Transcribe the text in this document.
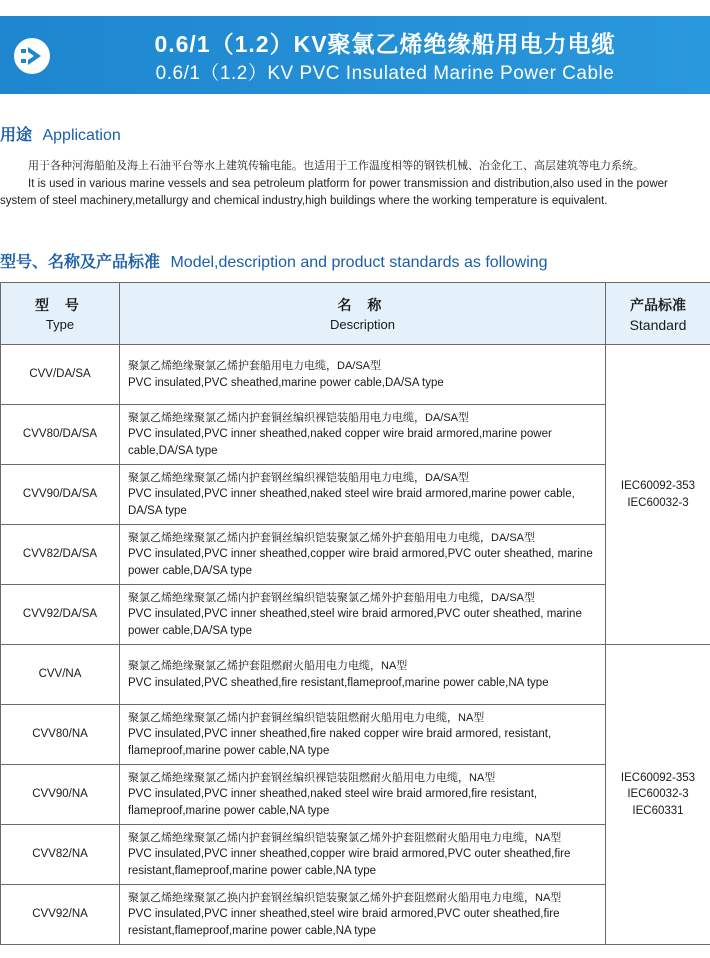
0.6/1（1.2）KV聚氯乙烯绝缘船用电力电缆
0.6/1（1.2）KV PVC Insulated Marine Power Cable
用途 Application
用于各种河海船舶及海上石油平台等水上建筑传输电能。也适用于工作温度相等的钢铁机械、冶金化工、高层建筑等电力系统。
It is used in various marine vessels and sea petroleum platform for power transmission and distribution,also used in the power system of steel machinery,metallurgy and chemical industry,high buildings where the working temperature is equivalent.
型号、名称及产品标准 Model,description and product standards as following
型 号
Type	名 称
Description	产品标准
Standard

CVV/DA/SA	聚氯乙烯绝缘聚氯乙烯护套船用电力电缆，DA/SA型
PVC insulated,PVC sheathed,marine power cable,DA/SA type	IEC60092-353
IEC60032-3

CVV80/DA/SA	聚氯乙烯绝缘聚氯乙烯内护套铜丝编织裸铠装船用电力电缆，DA/SA型
PVC insulated,PVC inner sheathed,naked copper wire braid armored,marine power cable,DA/SA type	

CVV90/DA/SA	聚氯乙烯绝缘聚氯乙烯内护套钢丝编织裸铠装船用电力电缆，DA/SA型
PVC insulated,PVC inner sheathed,naked steel wire braid armored,marine power cable, DA/SA type	

CVV82/DA/SA	聚氯乙烯绝缘聚氯乙烯内护套铜丝编织铠装聚氯乙烯外护套船用电力电缆，DA/SA型
PVC insulated,PVC inner sheathed,copper wire braid armored,PVC outer sheathed, marine power cable,DA/SA type	

CVV92/DA/SA	聚氯乙烯绝缘聚氯乙烯内护套钢丝编织铠装聚氯乙烯外护套船用电力电缆，DA/SA型
PVC insulated,PVC inner sheathed,steel wire braid armored,PVC outer sheathed, marine power cable,DA/SA type	

CVV/NA	聚氯乙烯绝缘聚氯乙烯护套阻燃耐火船用电力电缆，NA型
PVC insulated,PVC sheathed,fire resistant,flameproof,marine power cable,NA type	IEC60092-353
IEC60032-3
IEC60331

CVV80/NA	聚氯乙烯绝缘聚氯乙烯内护套铜丝编织铠装阻燃耐火船用电力电缆，NA型
PVC insulated,PVC inner sheathed,fire naked copper wire braid armored, resistant, flameproof,marine power cable,NA type	

CVV90/NA	聚氯乙烯绝缘聚氯乙烯内护套钢丝编织裸铠装阻燃耐火船用电力电缆，NA型
PVC insulated,PVC inner sheathed,naked steel wire braid armored,fire resistant, flameproof,marine power cable,NA type	

CVV82/NA	聚氯乙烯绝缘聚氯乙烯内护套铜丝编织铠装聚氯乙烯外护套阻燃耐火船用电力电缆，NA型
PVC insulated,PVC inner sheathed,copper wire braid armored,PVC outer sheathed,fire resistant,flameproof,marine power cable,NA type	

CVV92/NA	聚氯乙烯绝缘聚氯乙换内护套钢丝编织铠装聚氯乙烯外护套阻燃耐火船用电力电缆，NA型
PVC insulated,PVC inner sheathed,steel wire braid armored,PVC outer sheathed,fire resistant,flameproof,marine power cable,NA type	
